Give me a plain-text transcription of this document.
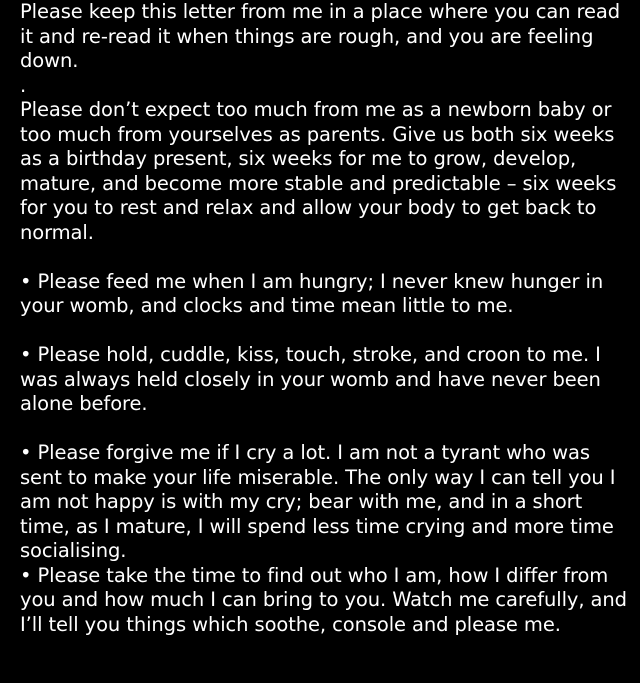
Please keep this letter from me in a place where you can read it and re-read it when things are rough, and you are feeling down.

.

Please don’t expect too much from me as a newborn baby or too much from yourselves as parents. Give us both six weeks as a birthday present, six weeks for me to grow, develop, mature, and become more stable and predictable – six weeks for you to rest and relax and allow your body to get back to normal.

• Please feed me when I am hungry; I never knew hunger in your womb, and clocks and time mean little to me.

• Please hold, cuddle, kiss, touch, stroke, and croon to me. I was always held closely in your womb and have never been alone before.

• Please forgive me if I cry a lot. I am not a tyrant who was sent to make your life miserable. The only way I can tell you I am not happy is with my cry; bear with me, and in a short time, as I mature, I will spend less time crying and more time socialising.

• Please take the time to find out who I am, how I differ from you and how much I can bring to you. Watch me carefully, and I’ll tell you things which soothe, console and please me.
